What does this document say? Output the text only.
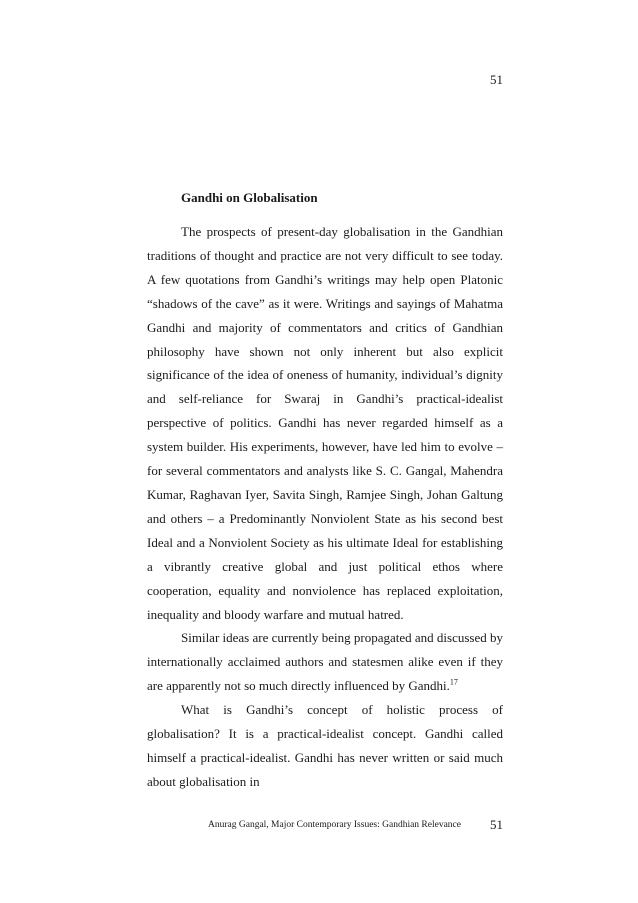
51
Gandhi on Globalisation

The prospects of present-day globalisation in the Gandhian traditions of thought and practice are not very difficult to see today. A few quotations from Gandhi’s writings may help open Platonic “shadows of the cave” as it were. Writings and sayings of Mahatma Gandhi and majority of commentators and critics of Gandhian philosophy have shown not only inherent but also explicit significance of the idea of oneness of humanity, individual’s dignity and self-reliance for Swaraj in Gandhi’s practical-idealist perspective of politics. Gandhi has never regarded himself as a system builder. His experiments, however, have led him to evolve – for several commentators and analysts like S. C. Gangal, Mahendra Kumar, Raghavan Iyer, Savita Singh, Ramjee Singh, Johan Galtung and others – a Predominantly Nonviolent State as his second best Ideal and a Nonviolent Society as his ultimate Ideal for establishing a vibrantly creative global and just political ethos where cooperation, equality and nonviolence has replaced exploitation, inequality and bloody warfare and mutual hatred.

Similar ideas are currently being propagated and discussed by internationally acclaimed authors and statesmen alike even if they are apparently not so much directly influenced by Gandhi.$^{17}$

What is Gandhi’s concept of holistic process of globalisation? It is a practical-idealist concept. Gandhi called himself a practical-idealist. Gandhi has never written or said much about globalisation in

Anurag Gangal, Major Contemporary Issues: Gandhian Relevance 51
